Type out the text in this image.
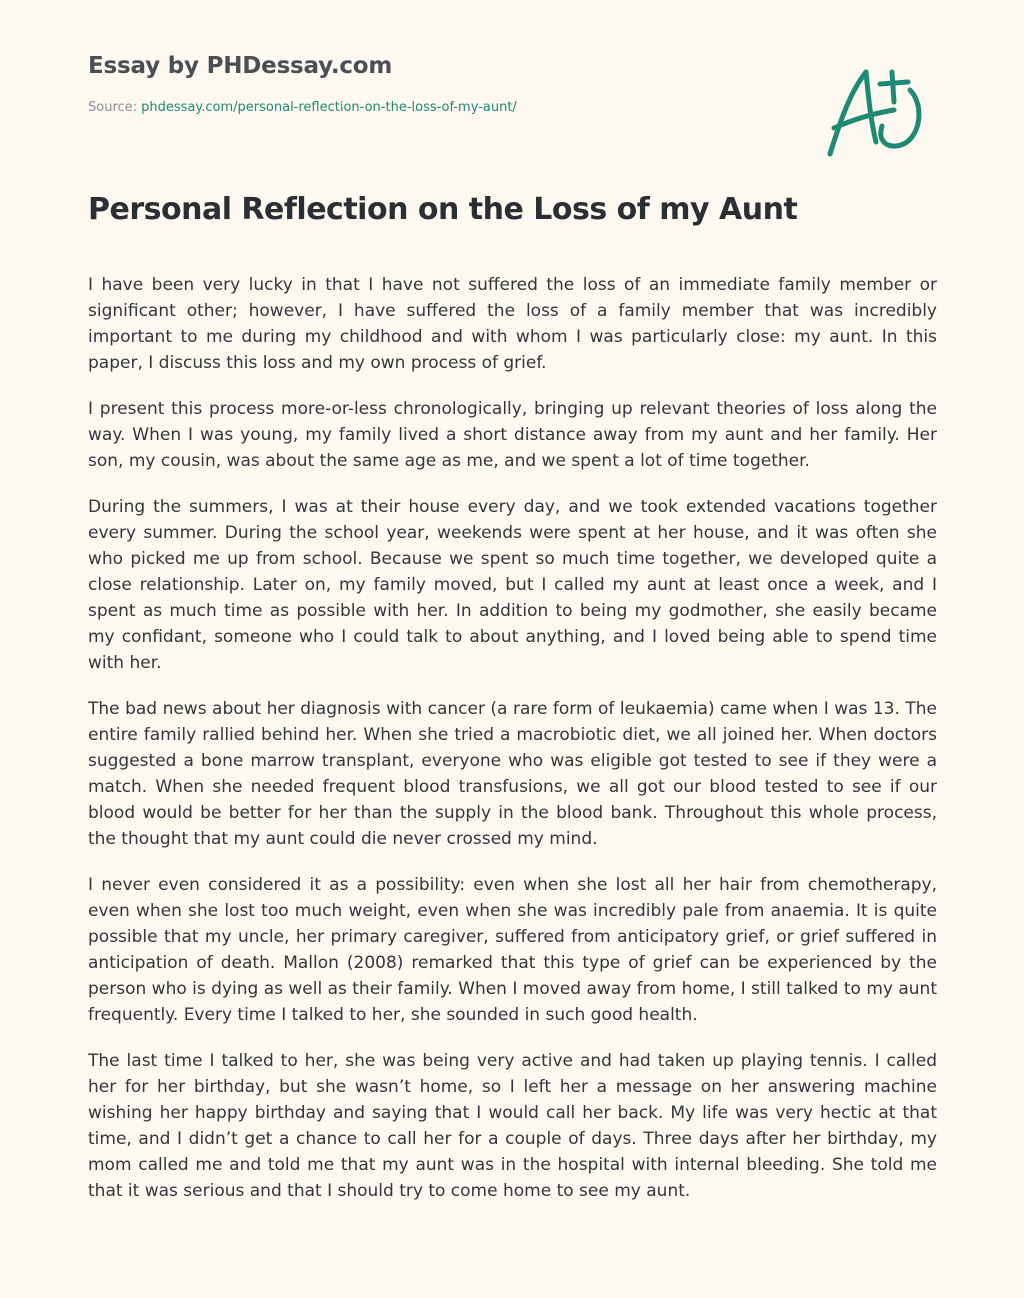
Essay by PHDessay.com
Source: phdessay.com/personal-reflection-on-the-loss-of-my-aunt/
Personal Reflection on the Loss of my Aunt

I have been very lucky in that I have not suffered the loss of an immediate family member or significant other; however, I have suffered the loss of a family member that was incredibly important to me during my childhood and with whom I was particularly close: my aunt. In this paper, I discuss this loss and my own process of grief.

I present this process more-or-less chronologically, bringing up relevant theories of loss along the way. When I was young, my family lived a short distance away from my aunt and her family. Her son, my cousin, was about the same age as me, and we spent a lot of time together.

During the summers, I was at their house every day, and we took extended vacations together every summer. During the school year, weekends were spent at her house, and it was often she who picked me up from school. Because we spent so much time together, we developed quite a close relationship. Later on, my family moved, but I called my aunt at least once a week, and I spent as much time as possible with her. In addition to being my godmother, she easily became my confidant, someone who I could talk to about anything, and I loved being able to spend time with her.

The bad news about her diagnosis with cancer (a rare form of leukaemia) came when I was 13. The entire family rallied behind her. When she tried a macrobiotic diet, we all joined her. When doctors suggested a bone marrow transplant, everyone who was eligible got tested to see if they were a match. When she needed frequent blood transfusions, we all got our blood tested to see if our blood would be better for her than the supply in the blood bank. Throughout this whole process, the thought that my aunt could die never crossed my mind.

I never even considered it as a possibility: even when she lost all her hair from chemotherapy, even when she lost too much weight, even when she was incredibly pale from anaemia. It is quite possible that my uncle, her primary caregiver, suffered from anticipatory grief, or grief suffered in anticipation of death. Mallon (2008) remarked that this type of grief can be experienced by the person who is dying as well as their family. When I moved away from home, I still talked to my aunt frequently. Every time I talked to her, she sounded in such good health.

The last time I talked to her, she was being very active and had taken up playing tennis. I called her for her birthday, but she wasn’t home, so I left her a message on her answering machine wishing her happy birthday and saying that I would call her back. My life was very hectic at that time, and I didn’t get a chance to call her for a couple of days. Three days after her birthday, my mom called me and told me that my aunt was in the hospital with internal bleeding. She told me that it was serious and that I should try to come home to see my aunt.
